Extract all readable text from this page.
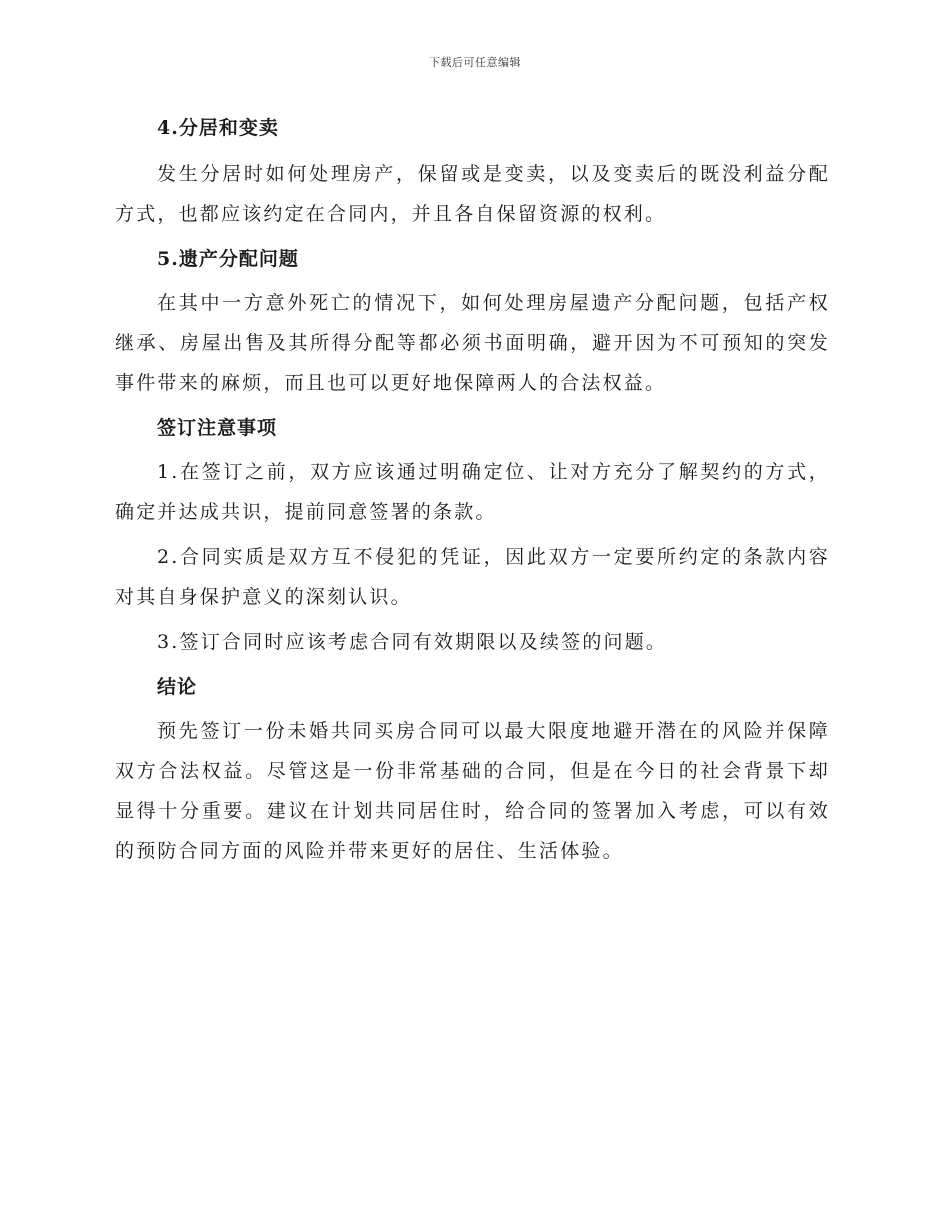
下载后可任意编辑

4.分居和变卖

发生分居时如何处理房产，保留或是变卖，以及变卖后的既没利益分配方式，也都应该约定在合同内，并且各自保留资源的权利。

5.遗产分配问题

在其中一方意外死亡的情况下，如何处理房屋遗产分配问题，包括产权继承、房屋出售及其所得分配等都必须书面明确，避开因为不可预知的突发事件带来的麻烦，而且也可以更好地保障两人的合法权益。

签订注意事项

1.在签订之前，双方应该通过明确定位、让对方充分了解契约的方式，确定并达成共识，提前同意签署的条款。

2.合同实质是双方互不侵犯的凭证，因此双方一定要所约定的条款内容对其自身保护意义的深刻认识。

3.签订合同时应该考虑合同有效期限以及续签的问题。

结论

预先签订一份未婚共同买房合同可以最大限度地避开潜在的风险并保障双方合法权益。尽管这是一份非常基础的合同，但是在今日的社会背景下却显得十分重要。建议在计划共同居住时，给合同的签署加入考虑，可以有效的预防合同方面的风险并带来更好的居住、生活体验。
